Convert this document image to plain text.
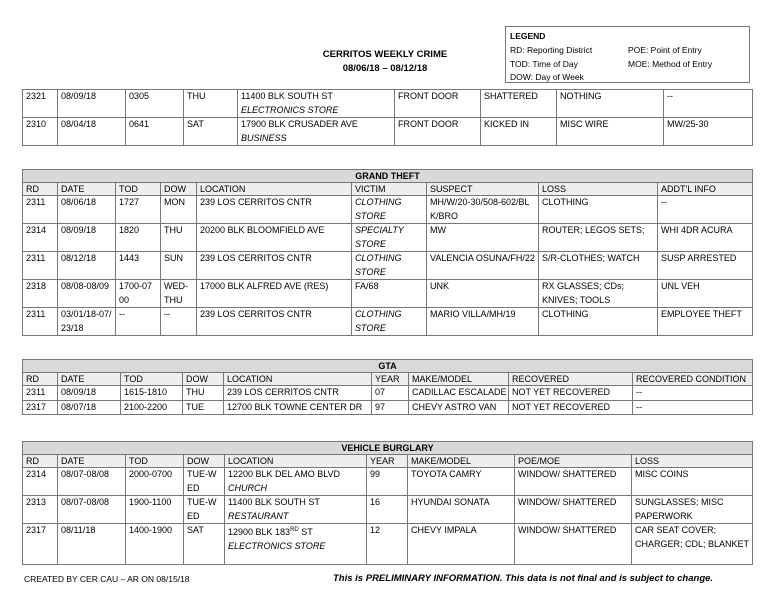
CERRITOS WEEKLY CRIME
08/06/18 – 08/12/18
LEGEND
RD: Reporting District
TOD: Time of Day
DOW: Day of Week
POE: Point of Entry
MOE: Method of Entry
2321	08/09/18	0305	THU	11400 BLK SOUTH ST
ELECTRONICS STORE	FRONT DOOR	SHATTERED	NOTHING	--
2310	08/04/18	0641	SAT	17900 BLK CRUSADER AVE
BUSINESS	FRONT DOOR	KICKED IN	MISC WIRE	MW/25-30
GRAND THEFT								
RD	DATE	TOD	DOW	LOCATION	VICTIM	SUSPECT	LOSS	ADDT'L INFO
2311	08/06/18	1727	MON	239 LOS CERRITOS CNTR	CLOTHING STORE	MH/W/20-30/508-602/BLK/BRO	CLOTHING	--
2314	08/09/18	1820	THU	20200 BLK BLOOMFIELD AVE	SPECIALTY STORE	MW	ROUTER; LEGOS SETS;	WHI 4DR ACURA
2311	08/12/18	1443	SUN	239 LOS CERRITOS CNTR	CLOTHING STORE	VALENCIA OSUNA/FH/22	S/R-CLOTHES; WATCH	SUSP ARRESTED
2318	08/08-08/09	1700-0700	WED-THU	17000 BLK ALFRED AVE (RES)	FA/68	UNK	RX GLASSES; CDs; KNIVES; TOOLS	UNL VEH
2311	03/01/18-07/23/18	--	--	239 LOS CERRITOS CNTR	CLOTHING STORE	MARIO VILLA/MH/19	CLOTHING	EMPLOYEE THEFT
GTA								
RD	DATE	TOD	DOW	LOCATION	YEAR	MAKE/MODEL	RECOVERED	RECOVERED CONDITION
2311	08/09/18	1615-1810	THU	239 LOS CERRITOS CNTR	07	CADILLAC ESCALADE	NOT YET RECOVERED	--
2317	08/07/18	2100-2200	TUE	12700 BLK TOWNE CENTER DR	97	CHEVY ASTRO VAN	NOT YET RECOVERED	--
VEHICLE BURGLARY								
RD	DATE	TOD	DOW	LOCATION	YEAR	MAKE/MODEL	POE/MOE	LOSS
2314	08/07-08/08	2000-0700	TUE-WED	12200 BLK DEL AMO BLVD
CHURCH	99	TOYOTA CAMRY	WINDOW/ SHATTERED	MISC COINS
2313	08/07-08/08	1900-1100	TUE-WED	11400 BLK SOUTH ST
RESTAURANT	16	HYUNDAI SONATA	WINDOW/ SHATTERED	SUNGLASSES; MISC PAPERWORK
2317	08/11/18	1400-1900	SAT	12900 BLK 183RD ST
ELECTRONICS STORE	12	CHEVY IMPALA	WINDOW/ SHATTERED	CAR SEAT COVER; CHARGER; CDL; BLANKET
CREATED BY CER CAU – AR ON 08/15/18	This is PRELIMINARY INFORMATION. This data is not final and is subject to change.
